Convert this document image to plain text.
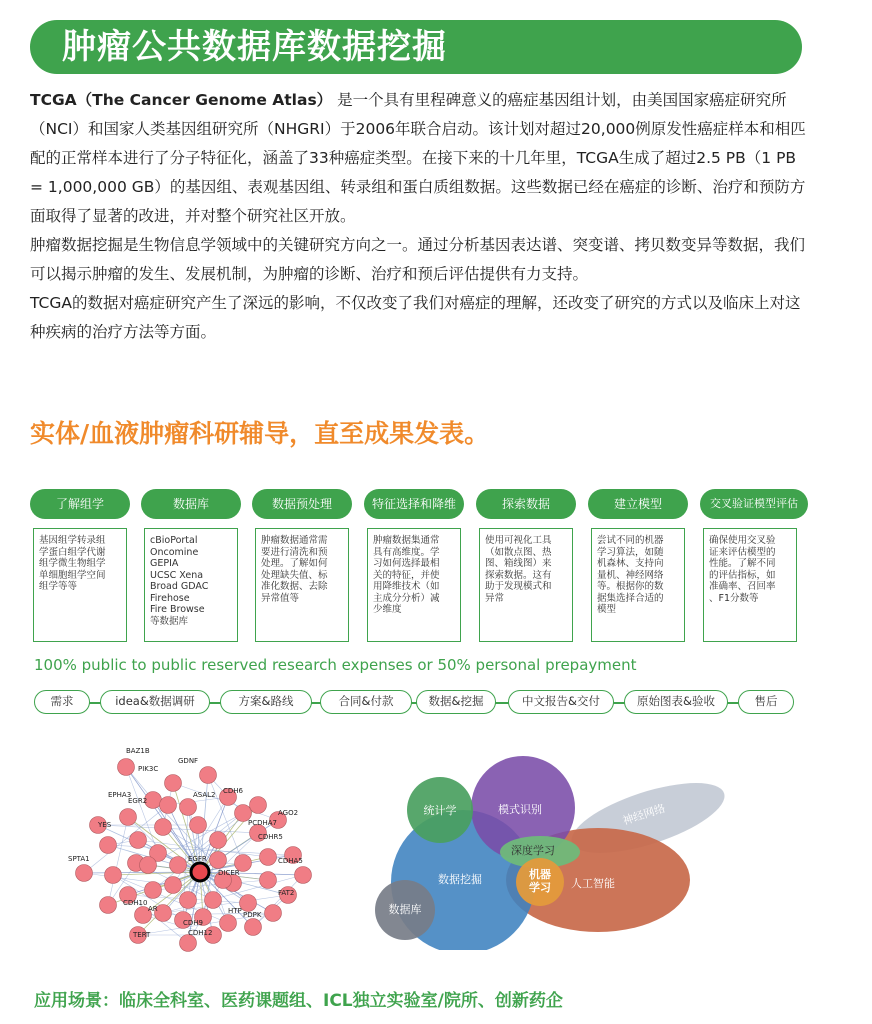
肿瘤公共数据库数据挖掘

TCGA（The Cancer Genome Atlas） 是一个具有里程碑意义的癌症基因组计划，由美国国家癌症研究所（NCI）和国家人类基因组研究所（NHGRI）于2006年联合启动。该计划对超过20,000例原发性癌症样本和相匹配的正常样本进行了分子特征化，涵盖了33种癌症类型。在接下来的十几年里，TCGA生成了超过2.5 PB（1 PB = 1,000,000 GB）的基因组、表观基因组、转录组和蛋白质组数据。这些数据已经在癌症的诊断、治疗和预防方面取得了显著的改进，并对整个研究社区开放。

肿瘤数据挖掘是生物信息学领域中的关键研究方向之一。通过分析基因表达谱、突变谱、拷贝数变异等数据，我们可以揭示肿瘤的发生、发展机制，为肿瘤的诊断、治疗和预后评估提供有力支持。

TCGA的数据对癌症研究产生了深远的影响，不仅改变了我们对癌症的理解，还改变了研究的方式以及临床上对这种疾病的治疗方法等方面。

实体/血液肿瘤科研辅导，直至成果发表。
了解组学	数据库	数据预处理	特征选择和降维	探索数据	建立模型	交叉验证模型评估
基因组学转录组
学蛋白组学代谢
组学微生物组学
单细胞组学空间
组学等等
cBioPortal
Oncomine
GEPIA
UCSC Xena
Broad GDAC
Firehose
Fire Browse
等数据库
肿瘤数据通常需
要进行清洗和预
处理。了解如何
处理缺失值、标
准化数据、去除
异常值等
肿瘤数据集通常
具有高维度。学
习如何选择最相
关的特征，并使
用降维技术（如
主成分分析）减
少维度
使用可视化工具
（如散点图、热
图、箱线图）来
探索数据。这有
助于发现模式和
异常
尝试不同的机器
学习算法，如随
机森林、支持向
量机、神经网络
等。根据你的数
据集选择合适的
模型
确保使用交叉验
证来评估模型的
性能。了解不同
的评估指标，如
准确率、召回率
、F1分数等
100% public to public reserved research expenses or 50% personal prepayment
需求	idea&数据调研	方案&路线	合同&付款	数据&挖掘	中文报告&交付	原始图表&验收	售后
BAZ1B
GDNF
PIK3C
ASAL2 CDH6
EPHA3
EGR2
AGO2
PCDHA7
YES
CDHR5
SPTA1	EGFR	CDHA5
DICER
FAT2
CDH10
AR	HTP
CDH9
PDPK
CDH12
TERT
统计学	模式识别	神经网络
深度学习
数据挖掘	机器学习 人工智能
数据库
应用场景：临床全科室、医药课题组、ICL独立实验室/院所、创新药企
